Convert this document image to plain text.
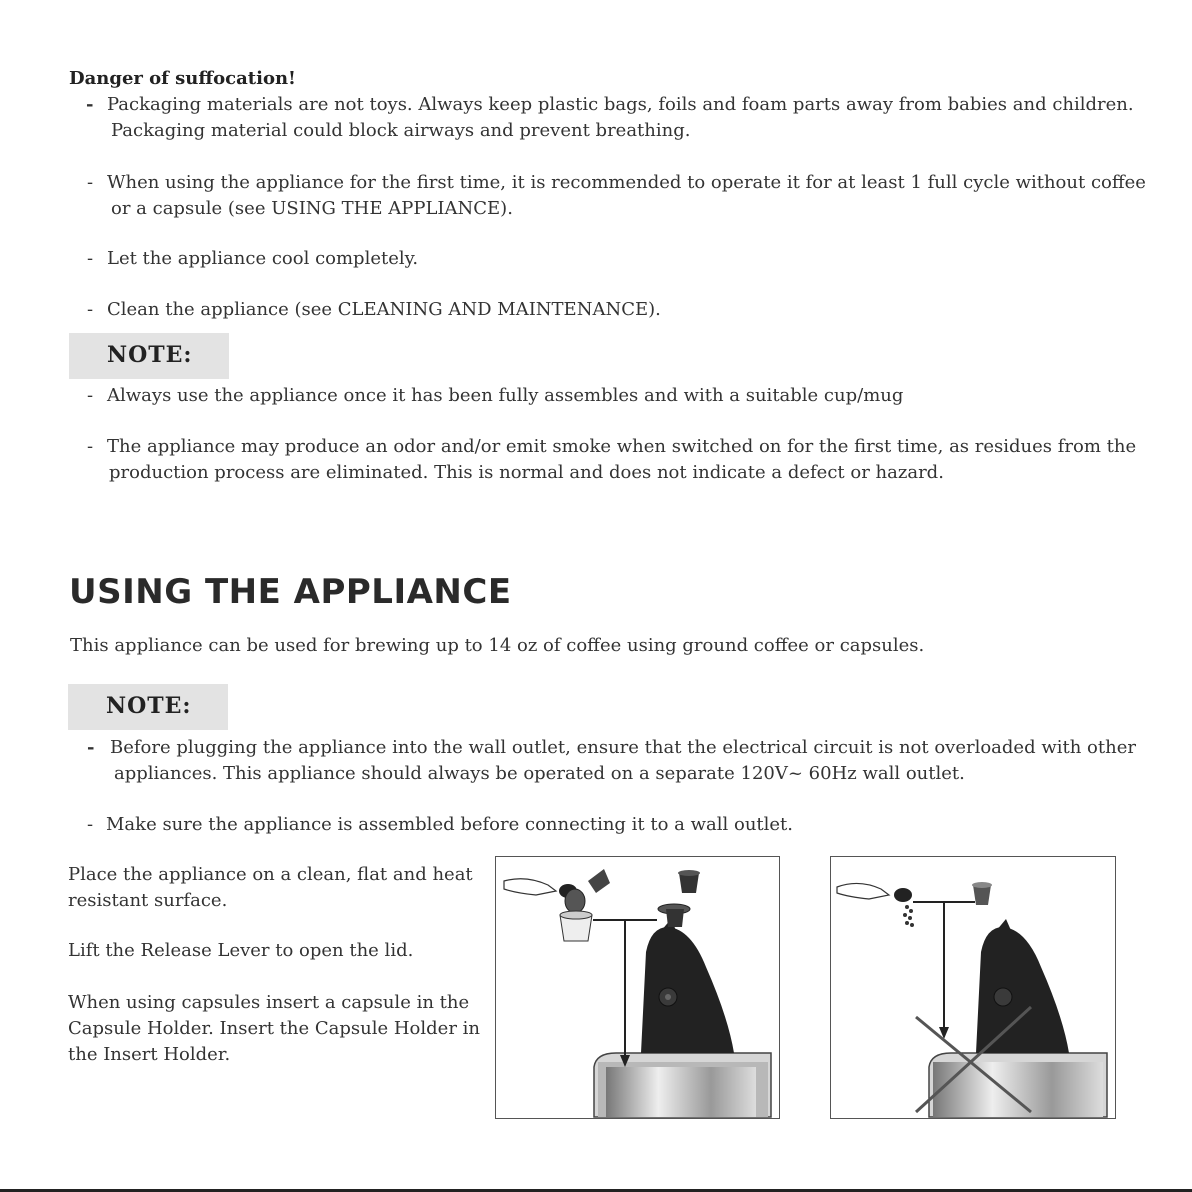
Danger of suffocation!
- Packaging materials are not toys. Always keep plastic bags, foils and foam parts away from babies and children.
Packaging material could block airways and prevent breathing.
- When using the appliance for the first time, it is recommended to operate it for at least 1 full cycle without coffee
or a capsule (see USING THE APPLIANCE).
- Let the appliance cool completely.
- Clean the appliance (see CLEANING AND MAINTENANCE).
NOTE:
- Always use the appliance once it has been fully assembles and with a suitable cup/mug
- The appliance may produce an odor and/or emit smoke when switched on for the first time, as residues from the
production process are eliminated. This is normal and does not indicate a defect or hazard.
USING THE APPLIANCE
This appliance can be used for brewing up to 14 oz of coffee using ground coffee or capsules.
NOTE:
- Before plugging the appliance into the wall outlet, ensure that the electrical circuit is not overloaded with other
appliances. This appliance should always be operated on a separate 120V~ 60Hz wall outlet.
- Make sure the appliance is assembled before connecting it to a wall outlet.
Place the appliance on a clean, flat and heat
resistant surface.
Lift the Release Lever to open the lid.
When using capsules insert a capsule in the
Capsule Holder. Insert the Capsule Holder in
the Insert Holder.
